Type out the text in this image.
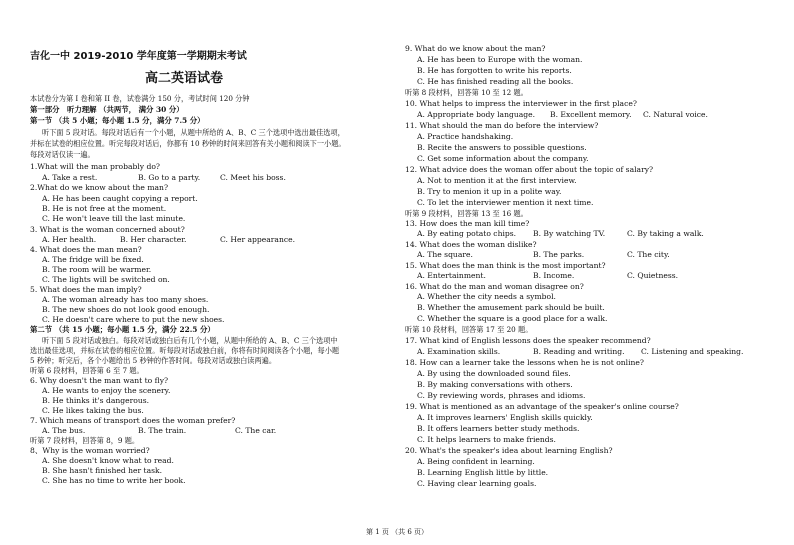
吉化一中 2019-2010 学年度第一学期期末考试
高二英语试卷
本试卷分为第 I 卷和第 II 卷，试卷满分 150 分，考试时间 120 分钟
第一部分　听力理解 （共两节， 满分 30 分）
第一节 （共 5 小题；每小题 1.5 分，满分 7.5 分）
听下面 5 段对话。每段对话后有一个小题，从题中所给的 A、B、C 三个选项中选出最佳选项，
并标在试卷的相应位置。听完每段对话后，你都有 10 秒钟的时间来回答有关小题和阅读下一小题。
每段对话仅读一遍。
1.What will the man probably do?
A. Take a rest.	B. Go to a party.	C. Meet his boss.
2.What do we know about the man?
A. He has been caught copying a report.
B. He is not free at the moment.
C. He won't leave till the last minute.
3. What is the woman concerned about?
A. Her health.	B. Her character.	C. Her appearance.
4. What does the man mean?
A. The fridge will be fixed.
B. The room will be warmer.
C. The lights will be switched on.
5. What does the man imply?
A. The woman already has too many shoes.
B. The new shoes do not look good enough.
C. He doesn't care where to put the new shoes.
第二节 （共 15 小题；每小题 1.5 分，满分 22.5 分）
听下面 5 段对话或独白。每段对话或独白后有几个小题，从题中所给的 A、B、C 三个选项中
选出最佳选项，并标在试卷的相应位置。听每段对话或独白前，你将有时间阅读各个小题，每小题
5 秒钟；听完后，各个小题给出 5 秒钟的作答时间。每段对话或独白读两遍。
听第 6 段材料，回答第 6 至 7 题。
6. Why doesn't the man want to fly?
A. He wants to enjoy the scenery.
B. He thinks it's dangerous.
C. He likes taking the bus.
7. Which means of transport does the woman prefer?
A. The bus.	B. The train.	C. The car.
听第 7 段材料，回答第 8，9 题。
8、Why is the woman worried?
A. She doesn't know what to read.
B. She hasn't finished her task.
C. She has no time to write her book.
9. What do we know about the man?
A. He has been to Europe with the woman.
B. He has forgotten to write his reports.
C. He has finished reading all the books.
听第 8 段材料，回答第 10 至 12 题。
10. What helps to impress the interviewer in the first place?
A. Appropriate body language. B. Excellent memory. C. Natural voice.
11. What should the man do before the interview?
A. Practice handshaking.
B. Recite the answers to possible questions.
C. Get some information about the company.
12. What advice does the woman offer about the topic of salary?
A. Not to mention it at the first interview.
B. Try to menion it up in a polite way.
C. To let the interviewer mention it next time.
听第 9 段材料，回答第 13 至 16 题。
13. How does the man kill time?
A. By eating potato chips. B. By watching TV.	C. By taking a walk.
14. What does the woman dislike?
A. The square.	B. The parks.	C. The city.
15. What does the man think is the most important?
A. Entertainment.	B. Income.	C. Quietness.
16. What do the man and woman disagree on?
A. Whether the city needs a symbol.
B. Whether the amusement park should be built.
C. Whether the square is a good place for a walk.
听第 10 段材料，回答第 17 至 20 题。
17. What kind of English lessons does the speaker recommend?
A. Examination skills.	B. Reading and writing. C. Listening and speaking.
18. How can a learner take the lessons when he is not online?
A. By using the downloaded sound files.
B. By making conversations with others.
C. By reviewing words, phrases and idioms.
19. What is mentioned as an advantage of the speaker's online course?
A. It improves learners' English skills quickly.
B. It offers learners better study methods.
C. It helps learners to make friends.
20. What's the speaker's idea about learning English?
A. Being confident in learning.
B. Learning English little by little.
C. Having clear learning goals.
第 1 页 （共 6 页）
